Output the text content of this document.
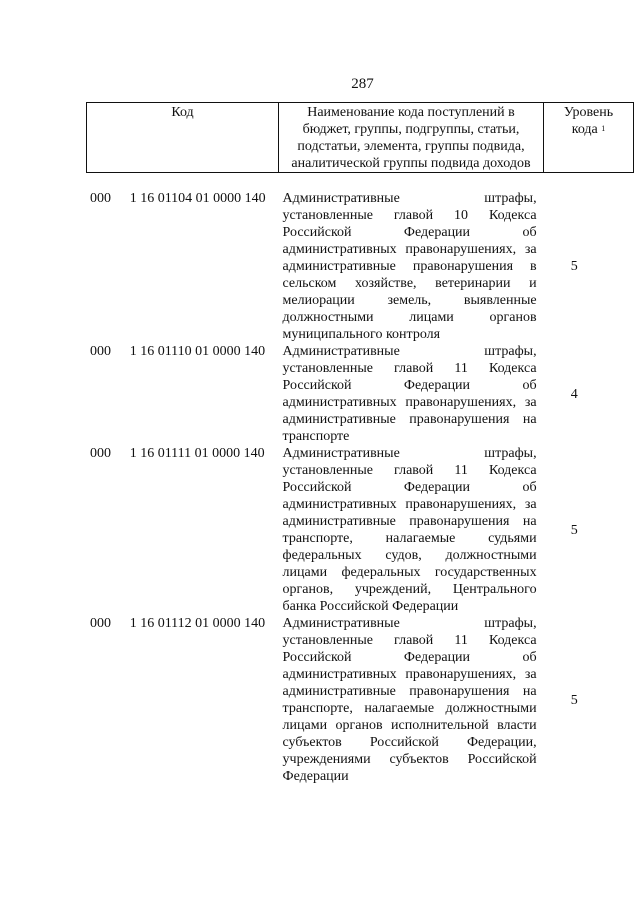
287
Код	Наименование кода поступлений в
бюджет, группы, подгруппы, статьи,
подстатьи, элемента, группы подвида,
аналитической группы подвида доходов

Уровень
кода $^1$
000	1 16 01104 01 0000 140	Административные штрафы,
установленные главой 10 Кодекса
Российской Федерации об
административных правонарушениях, за
административные правонарушения в
сельском хозяйстве, ветеринарии и
мелиорации земель, выявленные
должностными лицами органов
муниципального контроля
5
000	1 16 01110 01 0000 140	Административные штрафы,
установленные главой 11 Кодекса
Российской Федерации об
административных правонарушениях, за
административные правонарушения на
транспорте
4
000	1 16 01111 01 0000 140	Административные штрафы,
установленные главой 11 Кодекса
Российской Федерации об
административных правонарушениях, за
административные правонарушения на
транспорте, налагаемые судьями
федеральных судов, должностными
лицами федеральных государственных
органов, учреждений, Центрального
банка Российской Федерации
5
000	1 16 01112 01 0000 140	Административные штрафы,
установленные главой 11 Кодекса
Российской Федерации об
административных правонарушениях, за
административные правонарушения на
транспорте, налагаемые должностными
лицами органов исполнительной власти
субъектов Российской Федерации,
учреждениями субъектов Российской
Федерации
5
